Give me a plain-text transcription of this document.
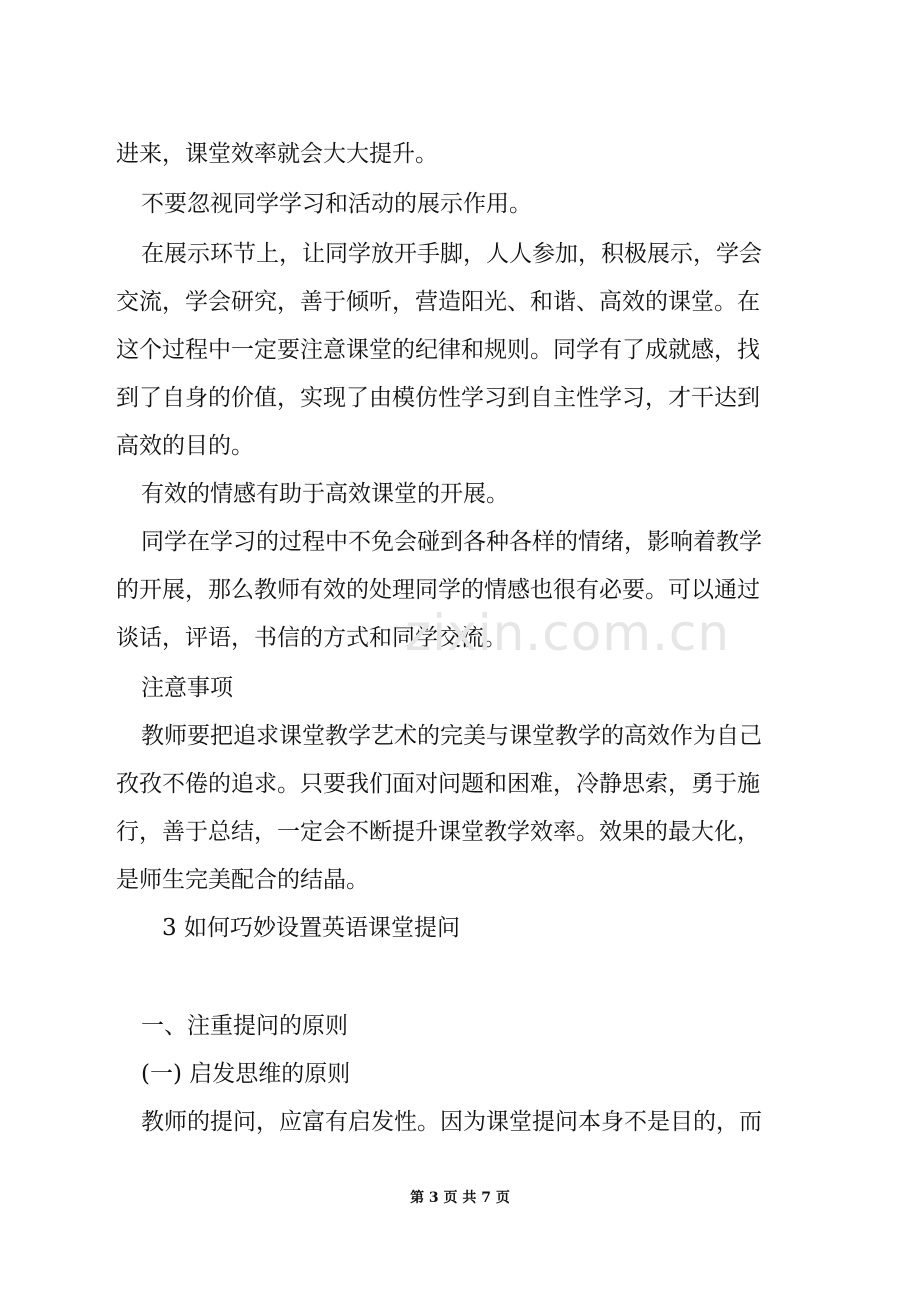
进来，课堂效率就会大大提升。
不要忽视同学学习和活动的展示作用。
在展示环节上，让同学放开手脚，人人参加，积极展示，学会
交流，学会研究，善于倾听，营造阳光、和谐、高效的课堂。在
这个过程中一定要注意课堂的纪律和规则。同学有了成就感，找
到了自身的价值，实现了由模仿性学习到自主性学习，才干达到
高效的目的。
有效的情感有助于高效课堂的开展。
同学在学习的过程中不免会碰到各种各样的情绪，影响着教学
的开展，那么教师有效的处理同学的情感也很有必要。可以通过
谈话，评语，书信的方式和同学交流。
zixin.com.cn
注意事项
教师要把追求课堂教学艺术的完美与课堂教学的高效作为自己
孜孜不倦的追求。只要我们面对问题和困难，冷静思索，勇于施
行，善于总结，一定会不断提升课堂教学效率。效果的最大化，
是师生完美配合的结晶。
3 如何巧妙设置英语课堂提问
一、注重提问的原则
(一) 启发思维的原则
教师的提问，应富有启发性。因为课堂提问本身不是目的，而
第 3 页 共 7 页
